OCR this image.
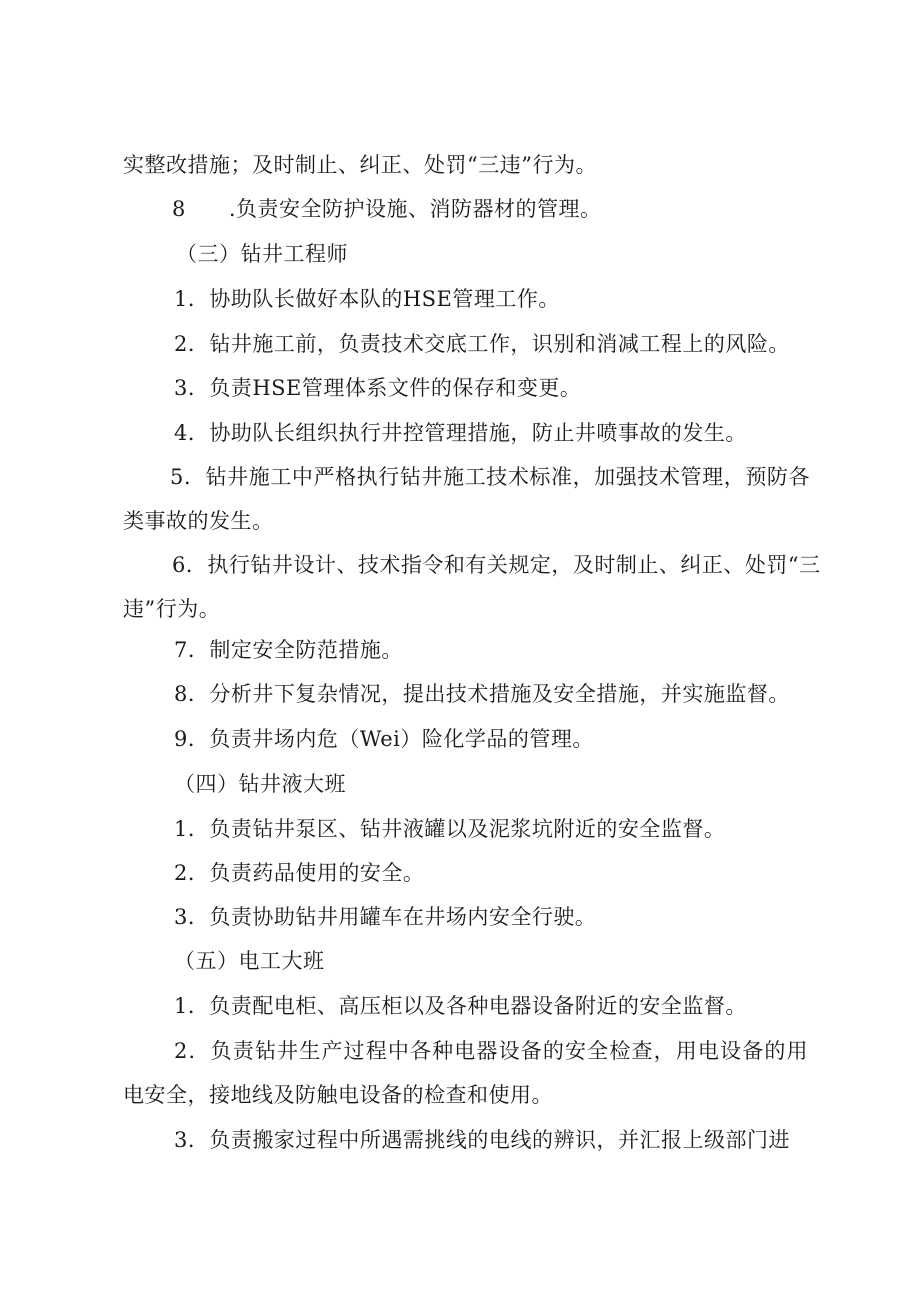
实整改措施；及时制止、纠正、处罚“三违”行为。
8　　.负责安全防护设施、消防器材的管理。
（三）钻井工程师
1．协助队长做好本队的HSE管理工作。
2．钻井施工前，负责技术交底工作，识别和消减工程上的风险。
3．负责HSE管理体系文件的保存和变更。
4．协助队长组织执行井控管理措施，防止井喷事故的发生。
5．钻井施工中严格执行钻井施工技术标准，加强技术管理，预防各
类事故的发生。
6．执行钻井设计、技术指令和有关规定，及时制止、纠正、处罚“三
违”行为。
7．制定安全防范措施。
8．分析井下复杂情况，提出技术措施及安全措施，并实施监督。
9．负责井场内危（Wei）险化学品的管理。
（四）钻井液大班
1．负责钻井泵区、钻井液罐以及泥浆坑附近的安全监督。
2．负责药品使用的安全。
3．负责协助钻井用罐车在井场内安全行驶。
（五）电工大班
1．负责配电柜、高压柜以及各种电器设备附近的安全监督。
2．负责钻井生产过程中各种电器设备的安全检查，用电设备的用
电安全，接地线及防触电设备的检查和使用。
3．负责搬家过程中所遇需挑线的电线的辨识，并汇报上级部门进
